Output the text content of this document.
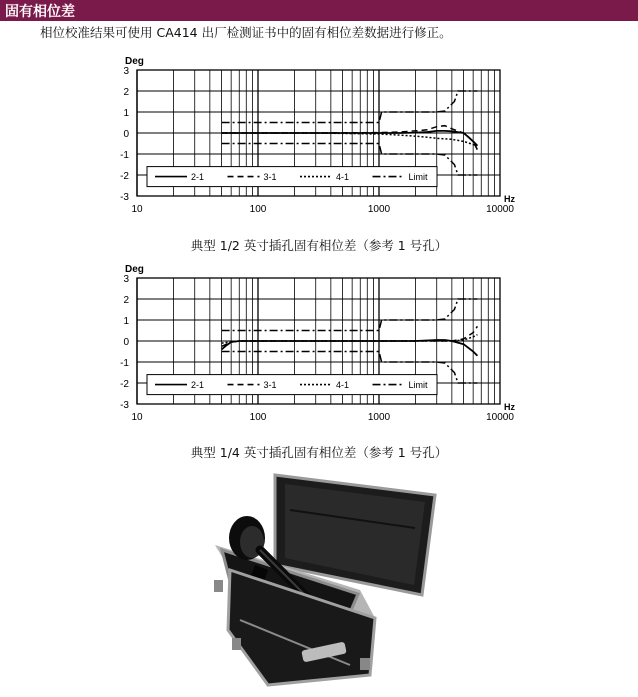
固有相位差
相位校准结果可使用 CA414 出厂检测证书中的固有相位差数据进行修正。
3
2
1
0
-1
-2
-3
10	100	1000	10000
Deg
Hz
2-1	3-1	4-1	Limit
典型 1/2 英寸插孔固有相位差（参考 1 号孔）
3
2
1
0
-1
-2
-3
10	100	1000	10000
Deg
Hz
2-1	3-1	4-1	Limit
典型 1/4 英寸插孔固有相位差（参考 1 号孔）
